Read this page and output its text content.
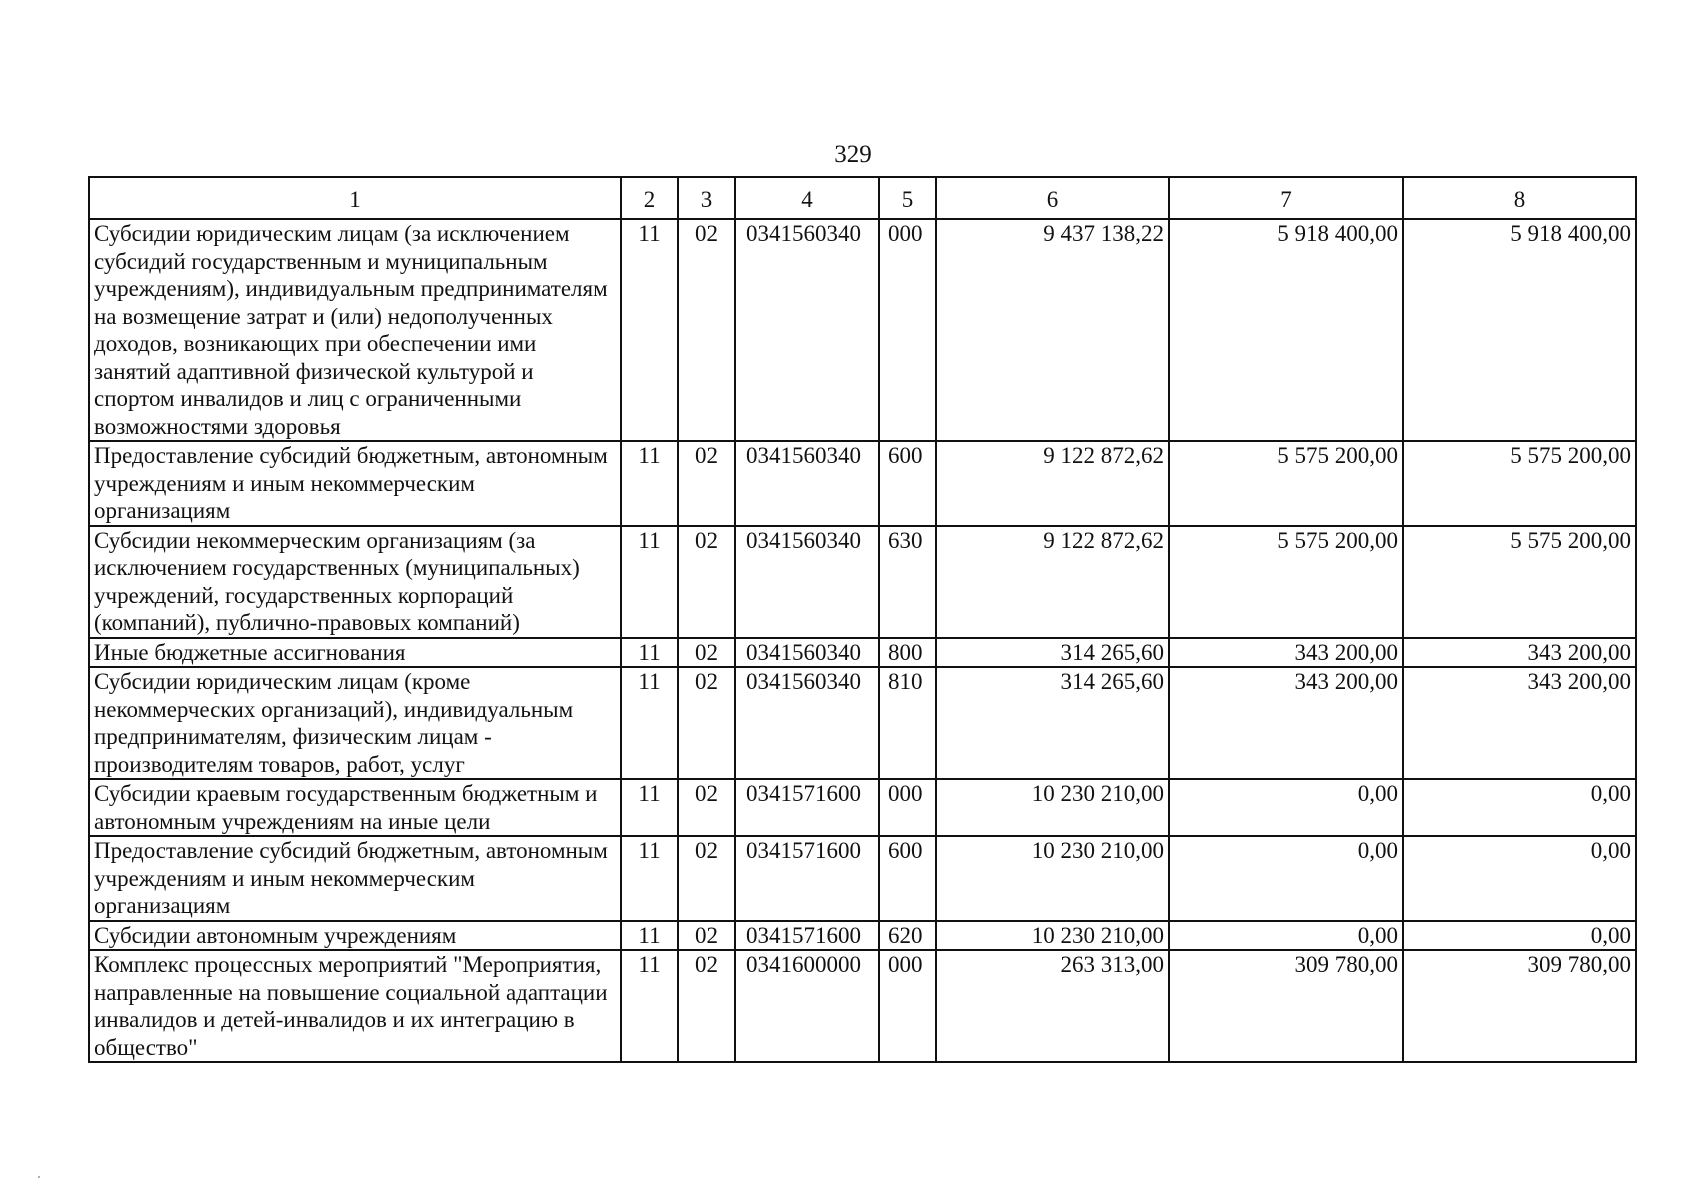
329
1	2	3	4	5	6	7	8
Субсидии юридическим лицам (за исключением субсидий государственным и муниципальным учреждениям), индивидуальным предпринимателям на возмещение затрат и (или) недополученных доходов, возникающих при обеспечении ими занятий адаптивной физической культурой и спортом инвалидов и лиц с ограниченными возможностями здоровья	11	02	0341560340	000	9 437 138,22	5 918 400,00	5 918 400,00
Предоставление субсидий бюджетным, автономным учреждениям и иным некоммерческим организациям	11	02	0341560340	600	9 122 872,62	5 575 200,00	5 575 200,00
Субсидии некоммерческим организациям (за исключением государственных (муниципальных) учреждений, государственных корпораций (компаний), публично-правовых компаний)	11	02	0341560340	630	9 122 872,62	5 575 200,00	5 575 200,00
Иные бюджетные ассигнования	11	02	0341560340	800	314 265,60	343 200,00	343 200,00
Субсидии юридическим лицам (кроме некоммерческих организаций), индивидуальным предпринимателям, физическим лицам - производителям товаров, работ, услуг	11	02	0341560340	810	314 265,60	343 200,00	343 200,00
Субсидии краевым государственным бюджетным и автономным учреждениям на иные цели	11	02	0341571600	000	10 230 210,00	0,00	0,00
Предоставление субсидий бюджетным, автономным учреждениям и иным некоммерческим организациям	11	02	0341571600	600	10 230 210,00	0,00	0,00
Субсидии автономным учреждениям	11	02	0341571600	620	10 230 210,00	0,00	0,00
Комплекс процессных мероприятий "Мероприятия, направленные на повышение социальной адаптации инвалидов и детей-инвалидов и их интеграцию в общество"	11	02	0341600000	000	263 313,00	309 780,00	309 780,00
